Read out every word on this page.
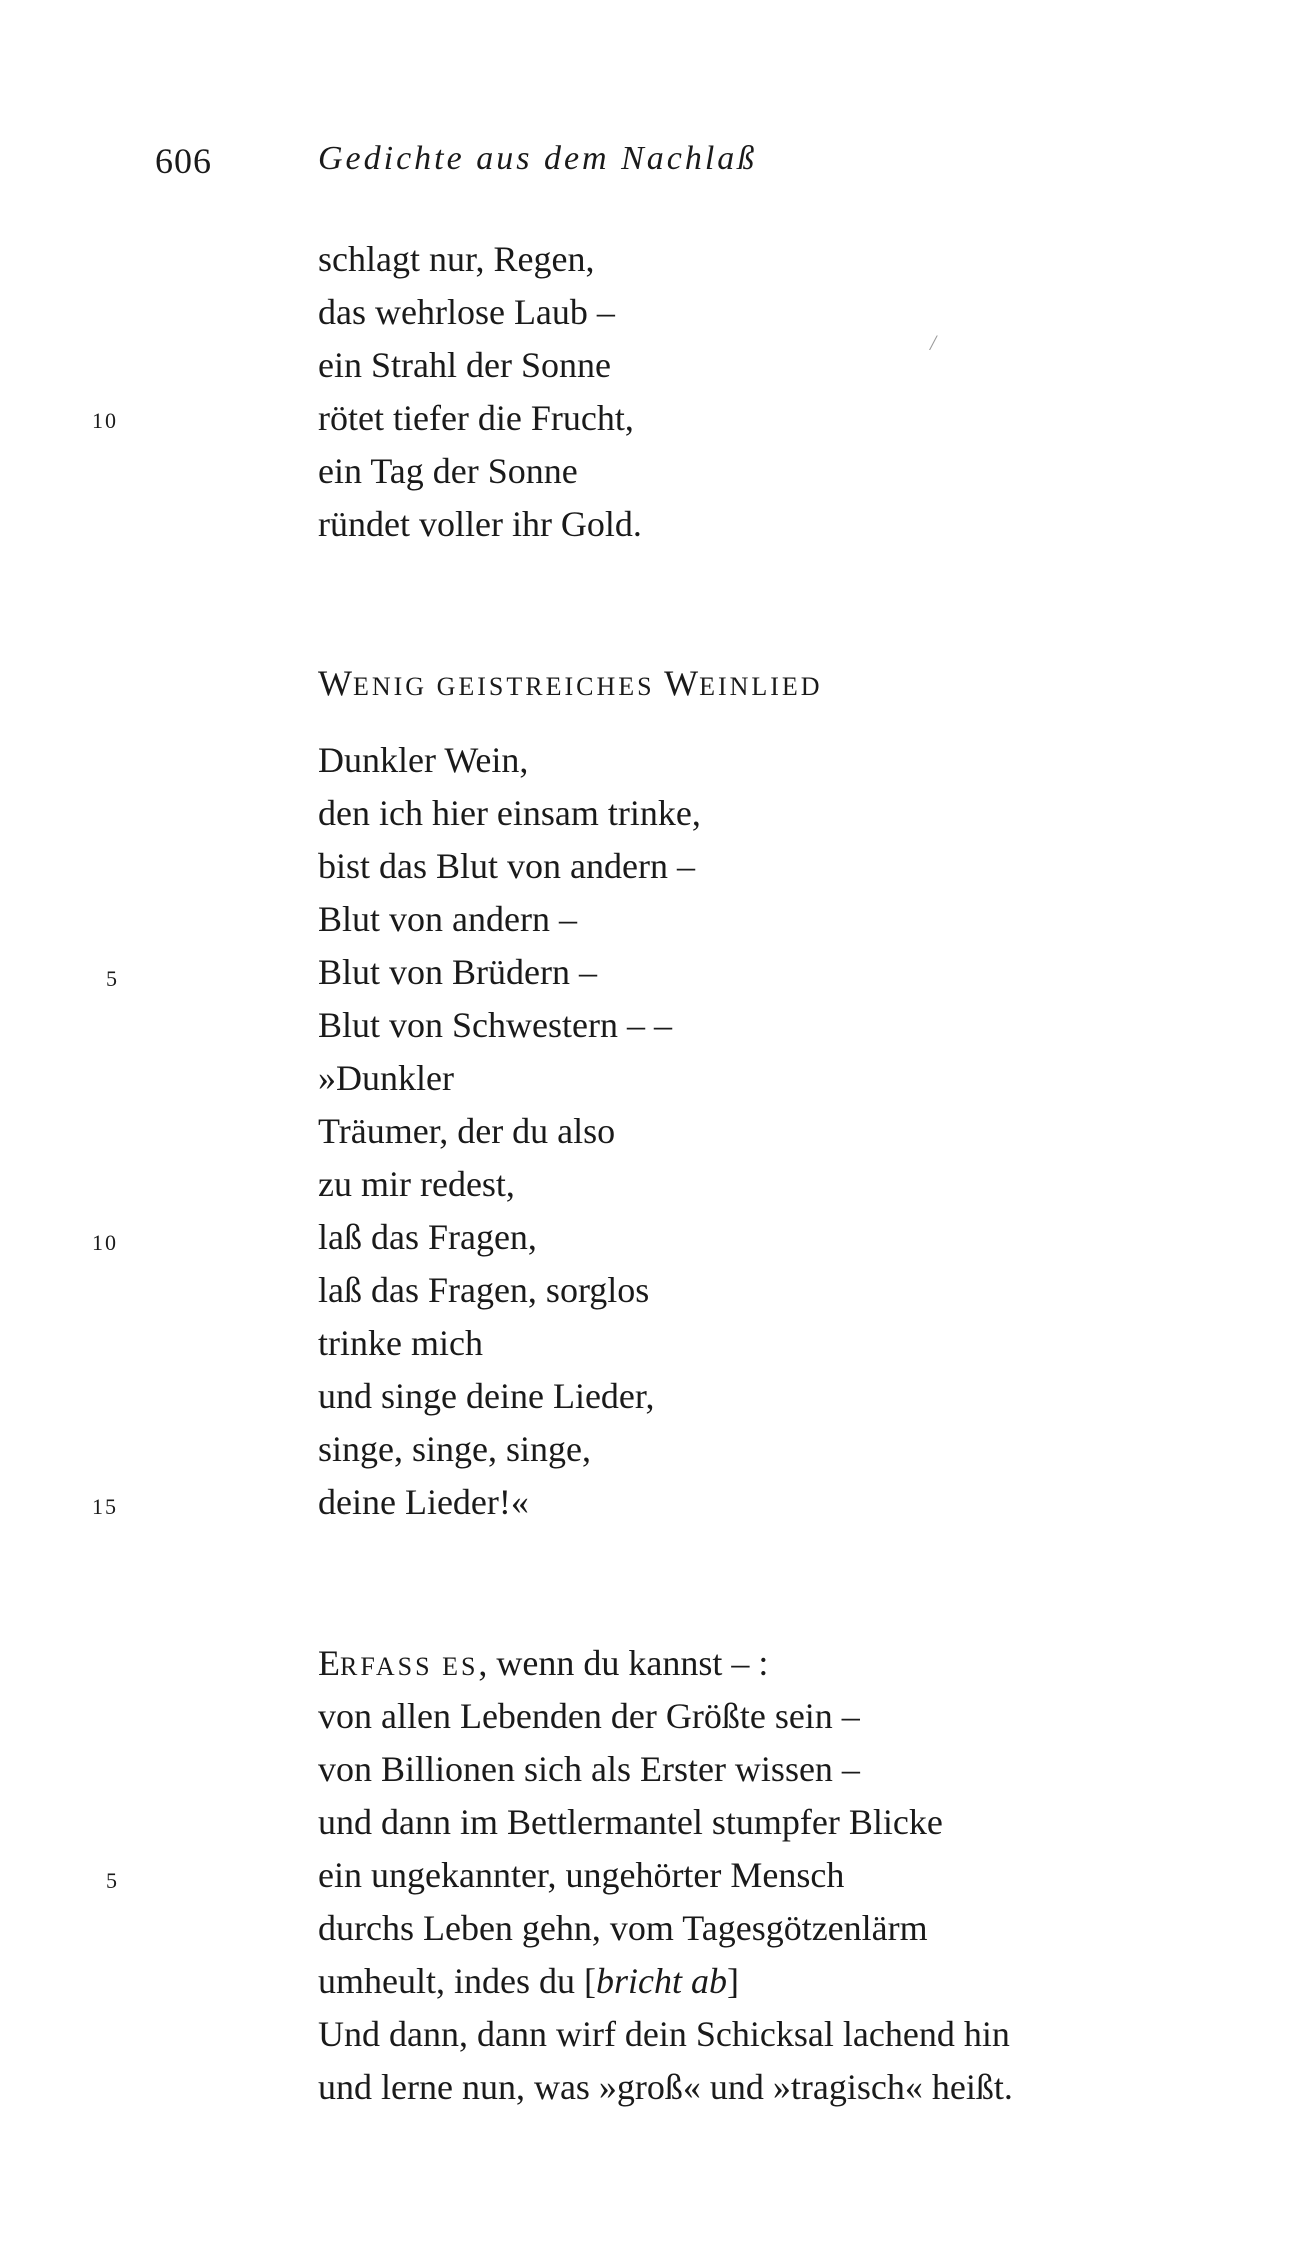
606	Gedichte aus dem Nachlaß
schlagt nur, Regen,
das wehrlose Laub –
ein Strahl der Sonne
rötet tiefer die Frucht,
ein Tag der Sonne
ründet voller ihr Gold.
10
/
WENIG GEISTREICHES WEINLIED
Dunkler Wein,
den ich hier einsam trinke,
bist das Blut von andern –
Blut von andern –
Blut von Brüdern –
Blut von Schwestern – –
»Dunkler
Träumer, der du also
zu mir redest,
laß das Fragen,
laß das Fragen, sorglos
trinke mich
und singe deine Lieder,
singe, singe, singe,
deine Lieder!«
5
10
15
ERFASS ES, wenn du kannst – :
von allen Lebenden der Größte sein –
von Billionen sich als Erster wissen –
und dann im Bettlermantel stumpfer Blicke
ein ungekannter, ungehörter Mensch
durchs Leben gehn, vom Tagesgötzenlärm
umheult, indes du [bricht ab]
Und dann, dann wirf dein Schicksal lachend hin
und lerne nun, was »groß« und »tragisch« heißt.
5
